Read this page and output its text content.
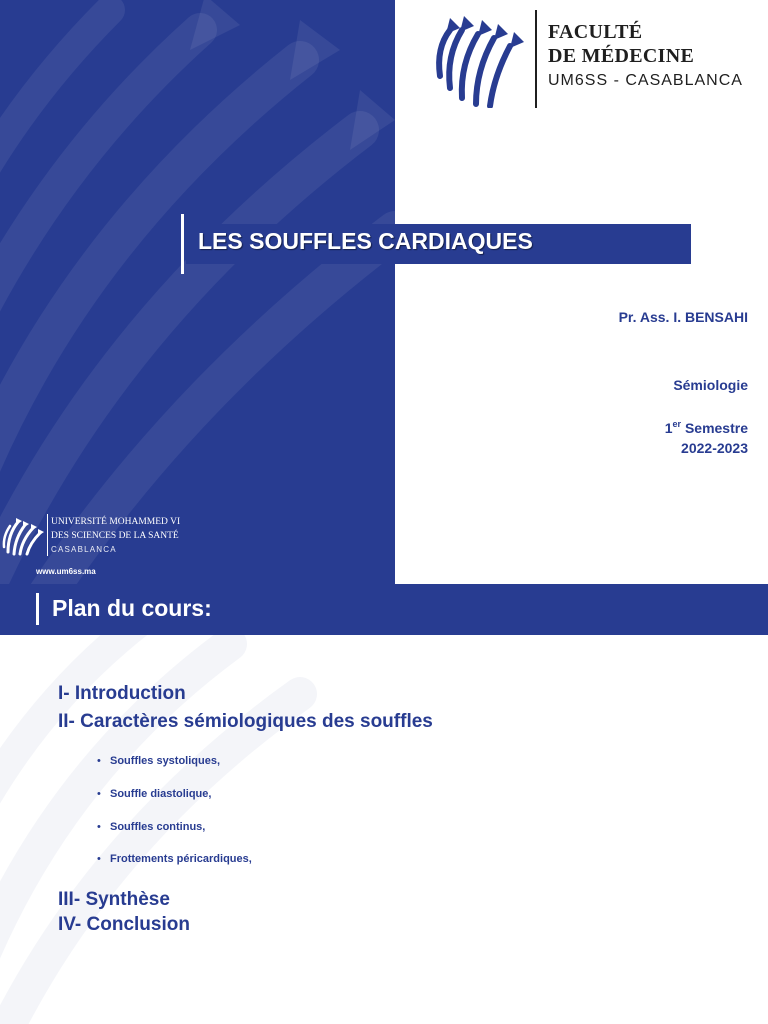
UNIVERSITÉ MOHAMMED VI
DES SCIENCES DE LA SANTÉ
CASABLANCA
www.um6ss.ma
FACULTÉ
DE MÉDECINE
UM6SS - CASABLANCA
LES SOUFFLES CARDIAQUES
Pr. Ass. I. BENSAHI
Sémiologie
1er Semestre
2022-2023
Plan du cours:
I- Introduction
II- Caractères sémiologiques des souffles
• Souffles systoliques,
• Souffle diastolique,
• Souffles continus,
• Frottements péricardiques,
III- Synthèse
IV- Conclusion
